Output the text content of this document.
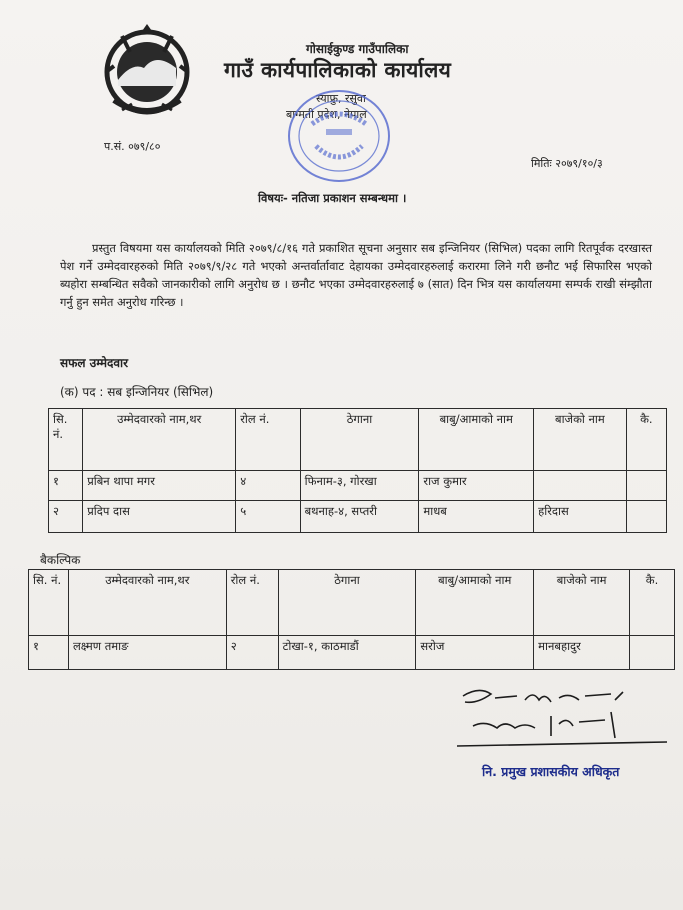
गोसाईकुण्ड गाउँपालिका
गाउँ कार्यपालिकाको कार्यालय
स्याफ्रु, रसुवा
बाग्मती प्रदेश, नेपाल
प.सं. ०७९/८०
मितिः २०७९/१०/३
विषयः- नतिजा प्रकाशन सम्बन्धमा ।
प्रस्तुत विषयमा यस कार्यालयको मिति २०७९/८/१६ गते प्रकाशित सूचना अनुसार सब इन्जिनियर (सिभिल) पदका लागि रितपूर्वक दरखास्त पेश गर्ने उम्मेदवारहरुको मिति २०७९/९/२८ गते भएको अन्तर्वार्तावाट देहायका उम्मेदवारहरुलाई करारमा लिने गरी छनौट भई सिफारिस भएको ब्यहोरा सम्बन्धित सवैको जानकारीको लागि अनुरोध छ । छनौट भएका उम्मेदवारहरुलाई ७ (सात) दिन भित्र यस कार्यालयमा सम्पर्क राखी संम्झौता गर्नु हुन समेत अनुरोध गरिन्छ ।
सफल उम्मेदवार
(क) पद : सब इन्जिनियर (सिभिल)
सि. नं.	उम्मेदवारको नाम,थर	रोल नं.	ठेगाना	बाबु/आमाको नाम	बाजेको नाम	कै.
१	प्रबिन थापा मगर	४	फिनाम-३, गोरखा	राज कुमार		
२	प्रदिप दास	५	बथनाह-४, सप्तरी	माधब	हरिदास	
बैकल्पिक
सि. नं.	उम्मेदवारको नाम,थर	रोल नं.	ठेगाना	बाबु/आमाको नाम	बाजेको नाम	कै.
१	लक्ष्मण तमाङ	२	टोखा-१, काठमाडौं	सरोज	मानबहादुर	
नि. प्रमुख प्रशासकीय अधिकृत
